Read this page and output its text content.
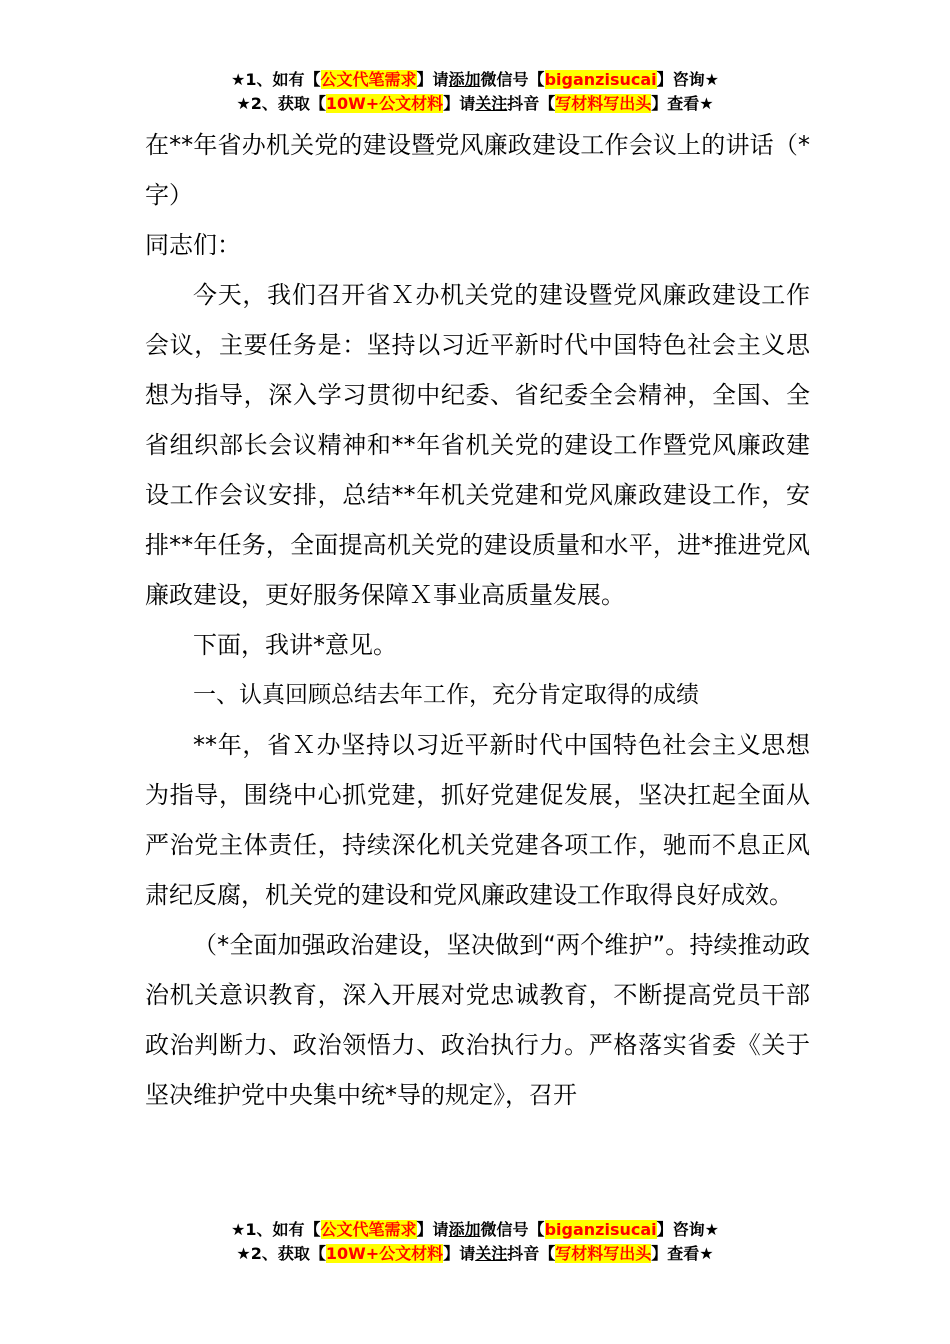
★1、如有【公文代笔需求】请添加微信号【biganzisucai】咨询★
★2、获取【10W+公文材料】请关注抖音【写材料写出头】查看★

在**年省办机关党的建设暨党风廉政建设工作会议上的讲话（*字）

同志们：

今天，我们召开省Ｘ办机关党的建设暨党风廉政建设工作会议，主要任务是：坚持以习近平新时代中国特色社会主义思想为指导，深入学习贯彻中纪委、省纪委全会精神，全国、全省组织部长会议精神和**年省机关党的建设工作暨党风廉政建设工作会议安排，总结**年机关党建和党风廉政建设工作，安排**年任务，全面提高机关党的建设质量和水平，进*推进党风廉政建设，更好服务保障Ｘ事业高质量发展。

下面，我讲*意见。

一、认真回顾总结去年工作，充分肯定取得的成绩

**年，省Ｘ办坚持以习近平新时代中国特色社会主义思想为指导，围绕中心抓党建，抓好党建促发展，坚决扛起全面从严治党主体责任，持续深化机关党建各项工作，驰而不息正风肃纪反腐，机关党的建设和党风廉政建设工作取得良好成效。

（*全面加强政治建设，坚决做到“两个维护”。持续推动政治机关意识教育，深入开展对党忠诚教育，不断提高党员干部政治判断力、政治领悟力、政治执行力。严格落实省委《关于坚决维护党中央集中统*导的规定》，召开

★1、如有【公文代笔需求】请添加微信号【biganzisucai】咨询★
★2、获取【10W+公文材料】请关注抖音【写材料写出头】查看★
